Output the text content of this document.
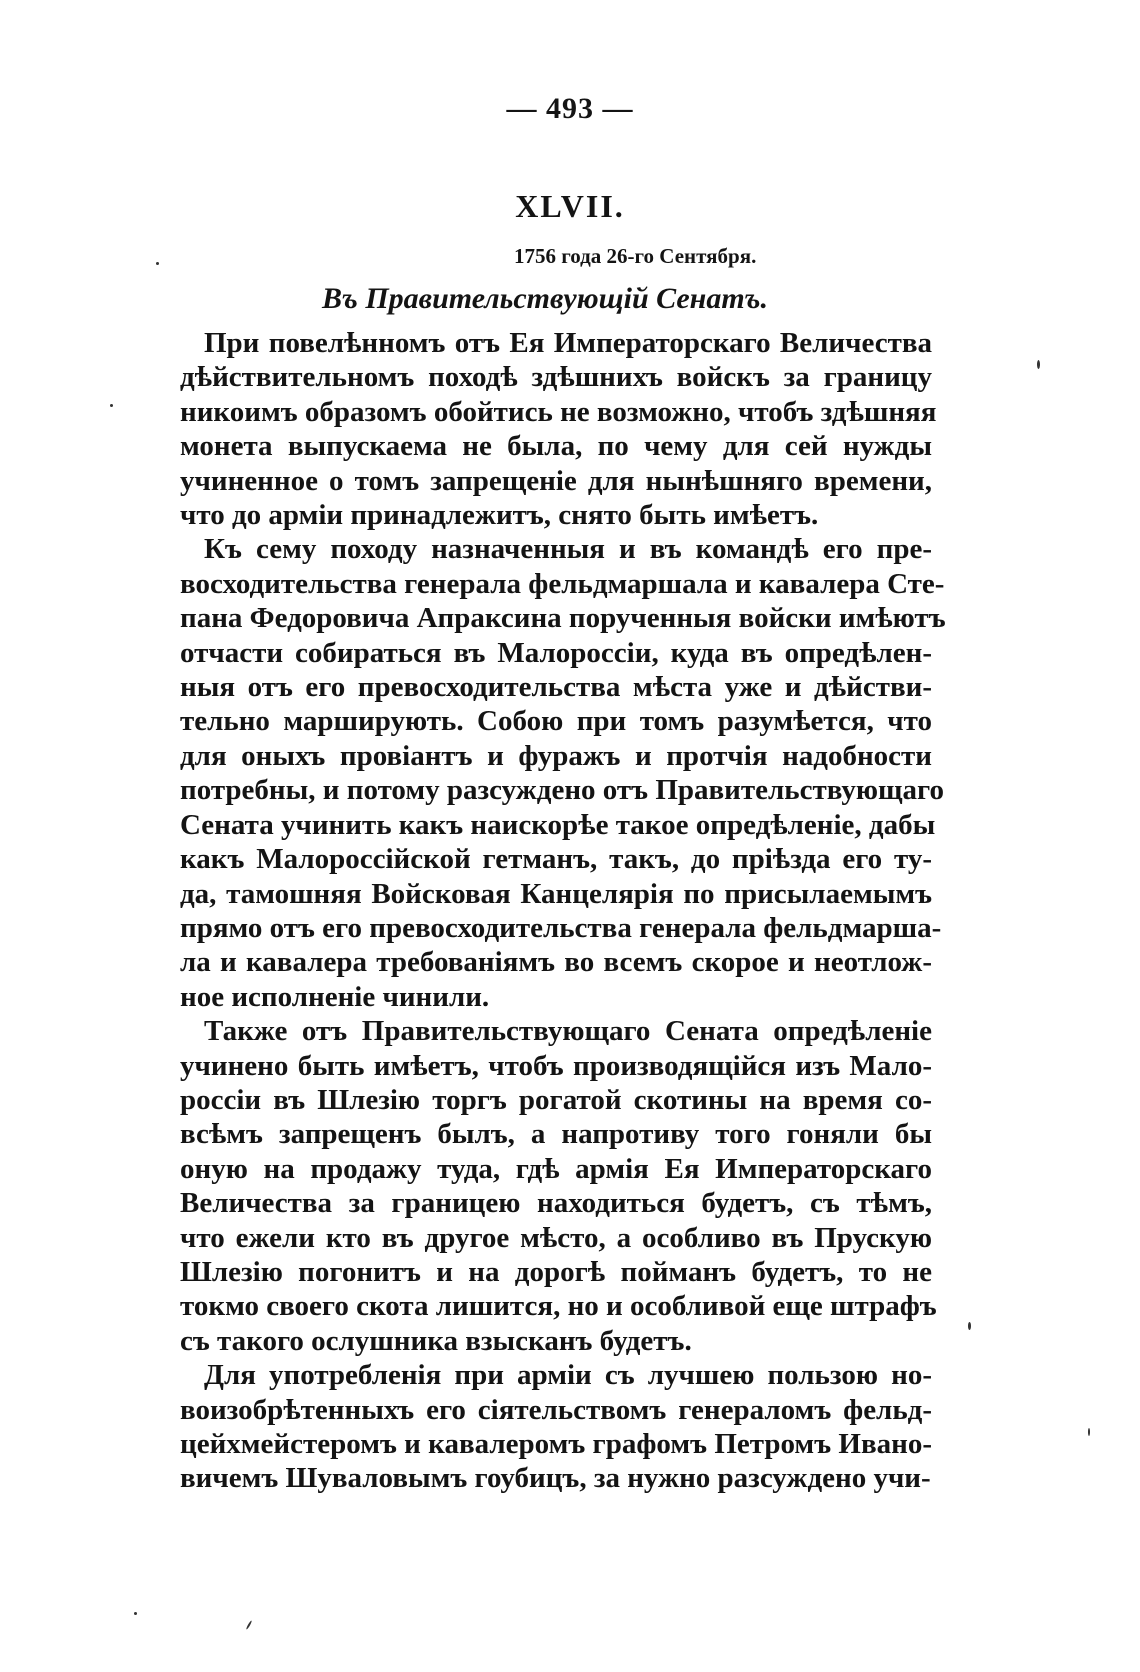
— 493 —
XLVII.
1756 года 26-го Сентября.
Въ Правительствующій Сенатъ.
При повелѣнномъ отъ Ея Императорскаго Величества
дѣйствительномъ походѣ здѣшнихъ войскъ за границу
никоимъ образомъ обойтись не возможно, чтобъ здѣшняя
монета выпускаема не была, по чему для сей нужды
учиненное о томъ запрещеніе для нынѣшняго времени,
что до арміи принадлежитъ, снято быть имѣетъ.
Къ сему походу назначенныя и въ командѣ его пре-
восходительства генерала фельдмаршала и кавалера Сте-
пана Федоровича Апраксина порученныя войски имѣютъ
отчасти собираться въ Малороссіи, куда въ опредѣлен-
ныя отъ его превосходительства мѣста уже и дѣйстви-
тельно марширують. Собою при томъ разумѣется, что
для оныхъ провіантъ и фуражъ и протчія надобности
потребны, и потому разсуждено отъ Правительствующаго
Сената учинить какъ наискорѣе такое опредѣленіе, дабы
какъ Малороссійской гетманъ, такъ, до пріѣзда его ту-
да, тамошняя Войсковая Канцелярія по присылаемымъ
прямо отъ его превосходительства генерала фельдмарша-
ла и кавалера требованіямъ во всемъ скорое и неотлож-
ное исполненіе чинили.
Также отъ Правительствующаго Сената опредѣленіе
учинено быть имѣетъ, чтобъ производящійся изъ Мало-
россіи въ Шлезію торгъ рогатой скотины на время со-
всѣмъ запрещенъ былъ, а напротиву того гоняли бы
оную на продажу туда, гдѣ армія Ея Императорскаго
Величества за границею находиться будетъ, съ тѣмъ,
что ежели кто въ другое мѣсто, а особливо въ Прускую
Шлезію погонитъ и на дорогѣ пойманъ будетъ, то не
токмо своего скота лишится, но и особливой еще штрафъ
съ такого ослушника взысканъ будетъ.
Для употребленія при арміи съ лучшею пользою но-
воизобрѣтенныхъ его сіятельствомъ генераломъ фельд-
цейхмейстеромъ и кавалеромъ графомъ Петромъ Ивано-
вичемъ Шуваловымъ гоубицъ, за нужно разсуждено учи-
